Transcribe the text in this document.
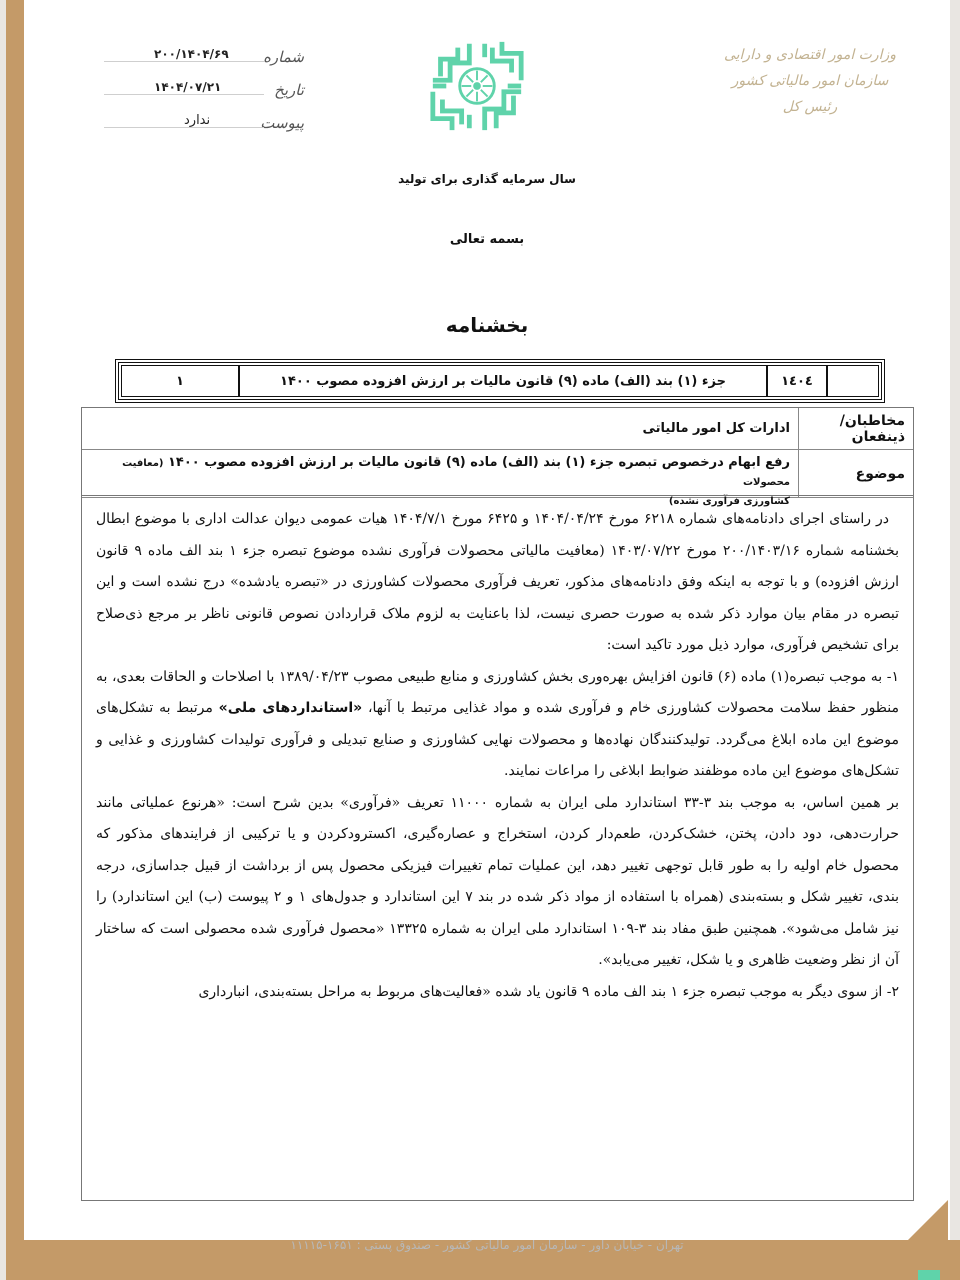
وزارت امور اقتصادی و دارایی
سازمان امور مالیاتی کشور
رئیس کل
شماره
۲۰۰/۱۴۰۴/۶۹
تاریخ
۱۴۰۴/۰۷/۲۱
پیوست
ندارد
سال سرمایه گذاری برای تولید
بسمه تعالی
بخشنامه
۱٤۰٤
جزء (۱) بند (الف) ماده (۹) قانون مالیات بر ارزش افزوده مصوب ۱۴۰۰
۱
مخاطبان/ ذینفعان
ادارات کل امور مالیاتی
موضوع
رفع ابهام درخصوص تبصره جزء (۱) بند (الف) ماده (۹) قانون مالیات بر ارزش افزوده مصوب ۱۴۰۰ (معافیت محصولات
کشاورزی فرآوری نشده)

در راستای اجرای دادنامه‌های شماره ۶۲۱۸ مورخ ۱۴۰۴/۰۴/۲۴ و ۶۴۲۵ مورخ ۱۴۰۴/۷/۱ هیات عمومی دیوان عدالت اداری با موضوع ابطال بخشنامه شماره ۲۰۰/۱۴۰۳/۱۶ مورخ ۱۴۰۳/۰۷/۲۲ (معافیت مالیاتی محصولات فرآوری نشده موضوع تبصره جزء ۱ بند الف ماده ۹ قانون ارزش افزوده) و با توجه به اینکه وفق دادنامه‌های مذکور، تعریف فرآوری محصولات کشاورزی در «تبصره یادشده» درج نشده است و این تبصره در مقام بیان موارد ذکر شده به صورت حصری نیست، لذا باعنایت به لزوم ملاک قراردادن نصوص قانونی ناظر بر مرجع ذی‌صلاح برای تشخیص فرآوری، موارد ذیل مورد تاکید است:

۱- به موجب تبصره(۱) ماده (۶) قانون افزایش بهره‌وری بخش کشاورزی و منابع طبیعی مصوب ۱۳۸۹/۰۴/۲۳ با اصلاحات و الحاقات بعدی، به منظور حفظ سلامت محصولات کشاورزی خام و فرآوری شده و مواد غذایی مرتبط با آنها، «استانداردهای ملی» مرتبط به تشکل‌های موضوع این ماده ابلاغ می‌گردد. تولیدکنندگان نهاده‌ها و محصولات نهایی کشاورزی و صنایع تبدیلی و فرآوری تولیدات کشاورزی و غذایی و تشکل‌های موضوع این ماده موظفند ضوابط ابلاغی را مراعات نمایند.

بر همین اساس، به موجب بند ۳-۳۳ استاندارد ملی ایران به شماره ۱۱۰۰۰ تعریف «فرآوری» بدین شرح است: «هرنوع عملیاتی مانند حرارت‌دهی، دود دادن، پختن، خشک‌کردن، طعم‌دار کردن، استخراج و عصاره‌گیری، اکسترودکردن و یا ترکیبی از فرایندهای مذکور که محصول خام اولیه را به طور قابل توجهی تغییر دهد، این عملیات تمام تغییرات فیزیکی محصول پس از برداشت از قبیل جداسازی، درجه بندی، تغییر شکل و بسته‌بندی (همراه با استفاده از مواد ذکر شده در بند ۷ این استاندارد و جدول‌های ۱ و ۲ پیوست (ب) این استاندارد) را نیز شامل می‌شود». همچنین طبق مفاد بند ۳-۱۰۹ استاندارد ملی ایران به شماره ۱۳۳۲۵ «محصول فرآوری شده محصولی است که ساختار آن از نظر وضعیت ظاهری و یا شکل، تغییر می‌یابد».

۲- از سوی دیگر به موجب تبصره جزء ۱ بند الف ماده ۹ قانون یاد شده «فعالیت‌های مربوط به مراحل بسته‌بندی، انبارداری

تهران - خیابان داور - سازمان امور مالیاتی کشور - صندوق پستی : ۱۶۵۱-۱۱۱۱۵
